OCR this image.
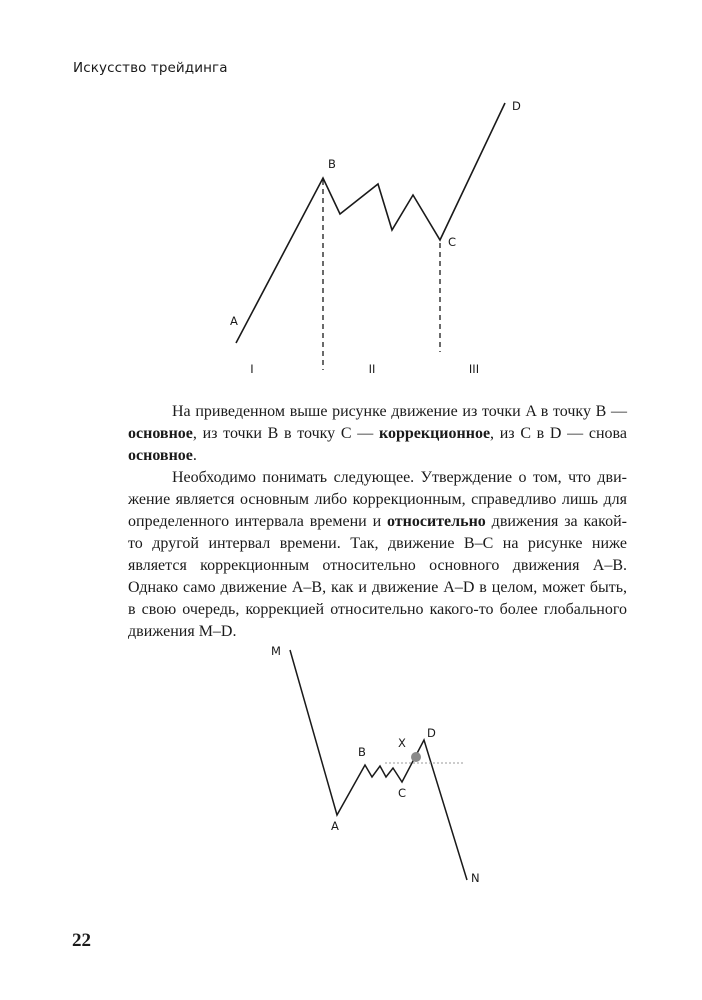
Искусство трейдинга
A
B
C
D
I	II	III

На приведенном выше рисунке движение из точки A в точку B — основное, из точки B в точку C — коррекционное, из C в D — снова основное.

Необходимо понимать следующее. Утверждение о том, что движение является основным либо коррекционным, справедливо лишь для определенного интервала времени и относительно движения за какой-то другой интервал времени. Так, движение B–C на рисунке ниже является коррекционным относительно основного движения A–B. Однако само движение A–B, как и движение A–D в целом, может быть, в свою очередь, коррекцией относительно какого-то более глобального движения M–D.

M
A
B
C
D
X
N
22
